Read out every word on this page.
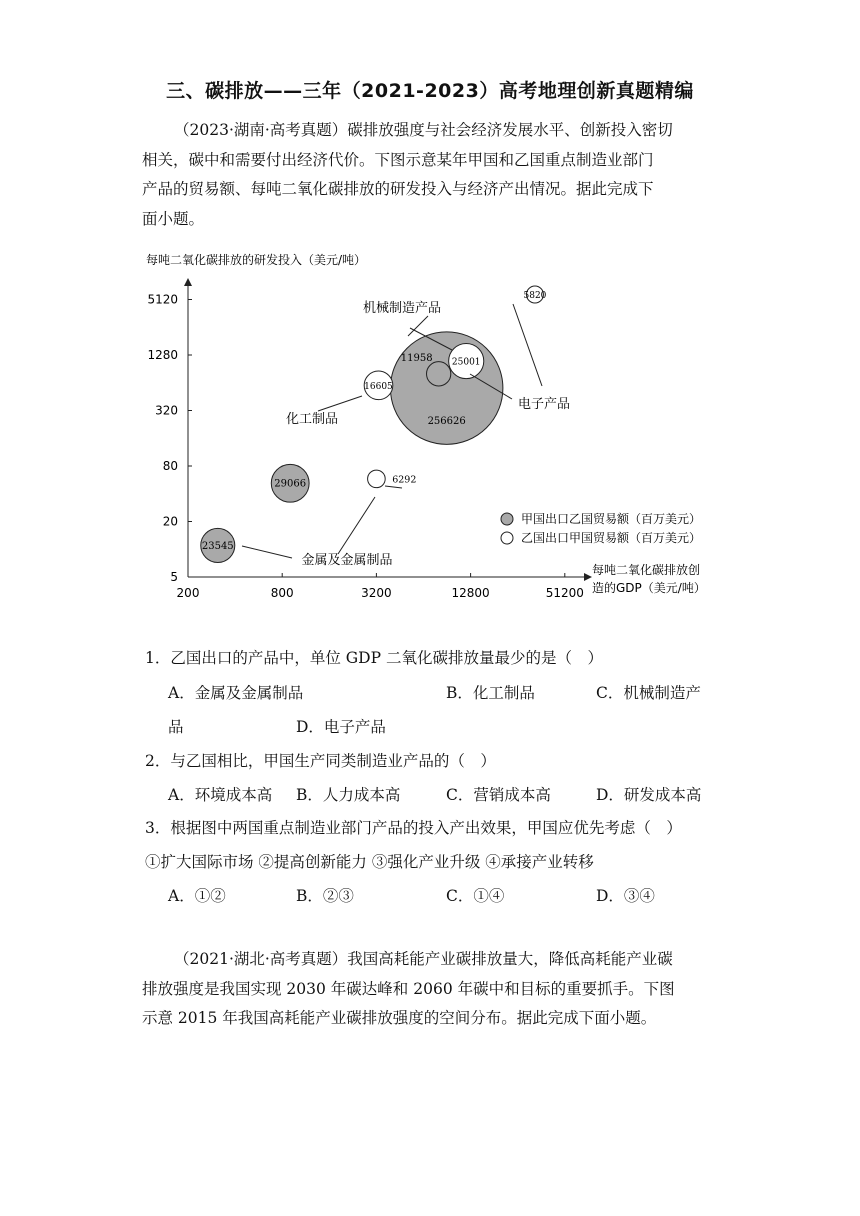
三、碳排放——三年（2021-2023）高考地理创新真题精编
（2023·湖南·高考真题）碳排放强度与社会经济发展水平、创新投入密切
相关，碳中和需要付出经济代价。下图示意某年甲国和乙国重点制造业部门
产品的贸易额、每吨二氧化碳排放的研发投入与经济产出情况。据此完成下
面小题。
200	800	3200	12800	51200
5
20
80
320
1280
5120
每吨二氧化碳排放的研发投入（美元/吨）
每吨二氧化碳排放创
造的GDP（美元/吨）
256626
29066
25001
23545
16605
11958
6292
5820
机械制造产品
电子产品
化工制品
金属及金属制品
甲国出口乙国贸易额（百万美元）
乙国出口甲国贸易额（百万美元）
1．乙国出口的产品中，单位 GDP 二氧化碳排放量最少的是（　）
A．金属及金属制品	B．化工制品	C．机械制造产
品	D．电子产品
2．与乙国相比，甲国生产同类制造业产品的（　）
A．环境成本高 B．人力成本高	C．营销成本高	D．研发成本高
3．根据图中两国重点制造业部门产品的投入产出效果，甲国应优先考虑（　）
①扩大国际市场 ②提高创新能力 ③强化产业升级 ④承接产业转移
A．①②	B．②③	C．①④	D．③④
（2021·湖北·高考真题）我国高耗能产业碳排放量大，降低高耗能产业碳
排放强度是我国实现 2030 年碳达峰和 2060 年碳中和目标的重要抓手。下图
示意 2015 年我国高耗能产业碳排放强度的空间分布。据此完成下面小题。
